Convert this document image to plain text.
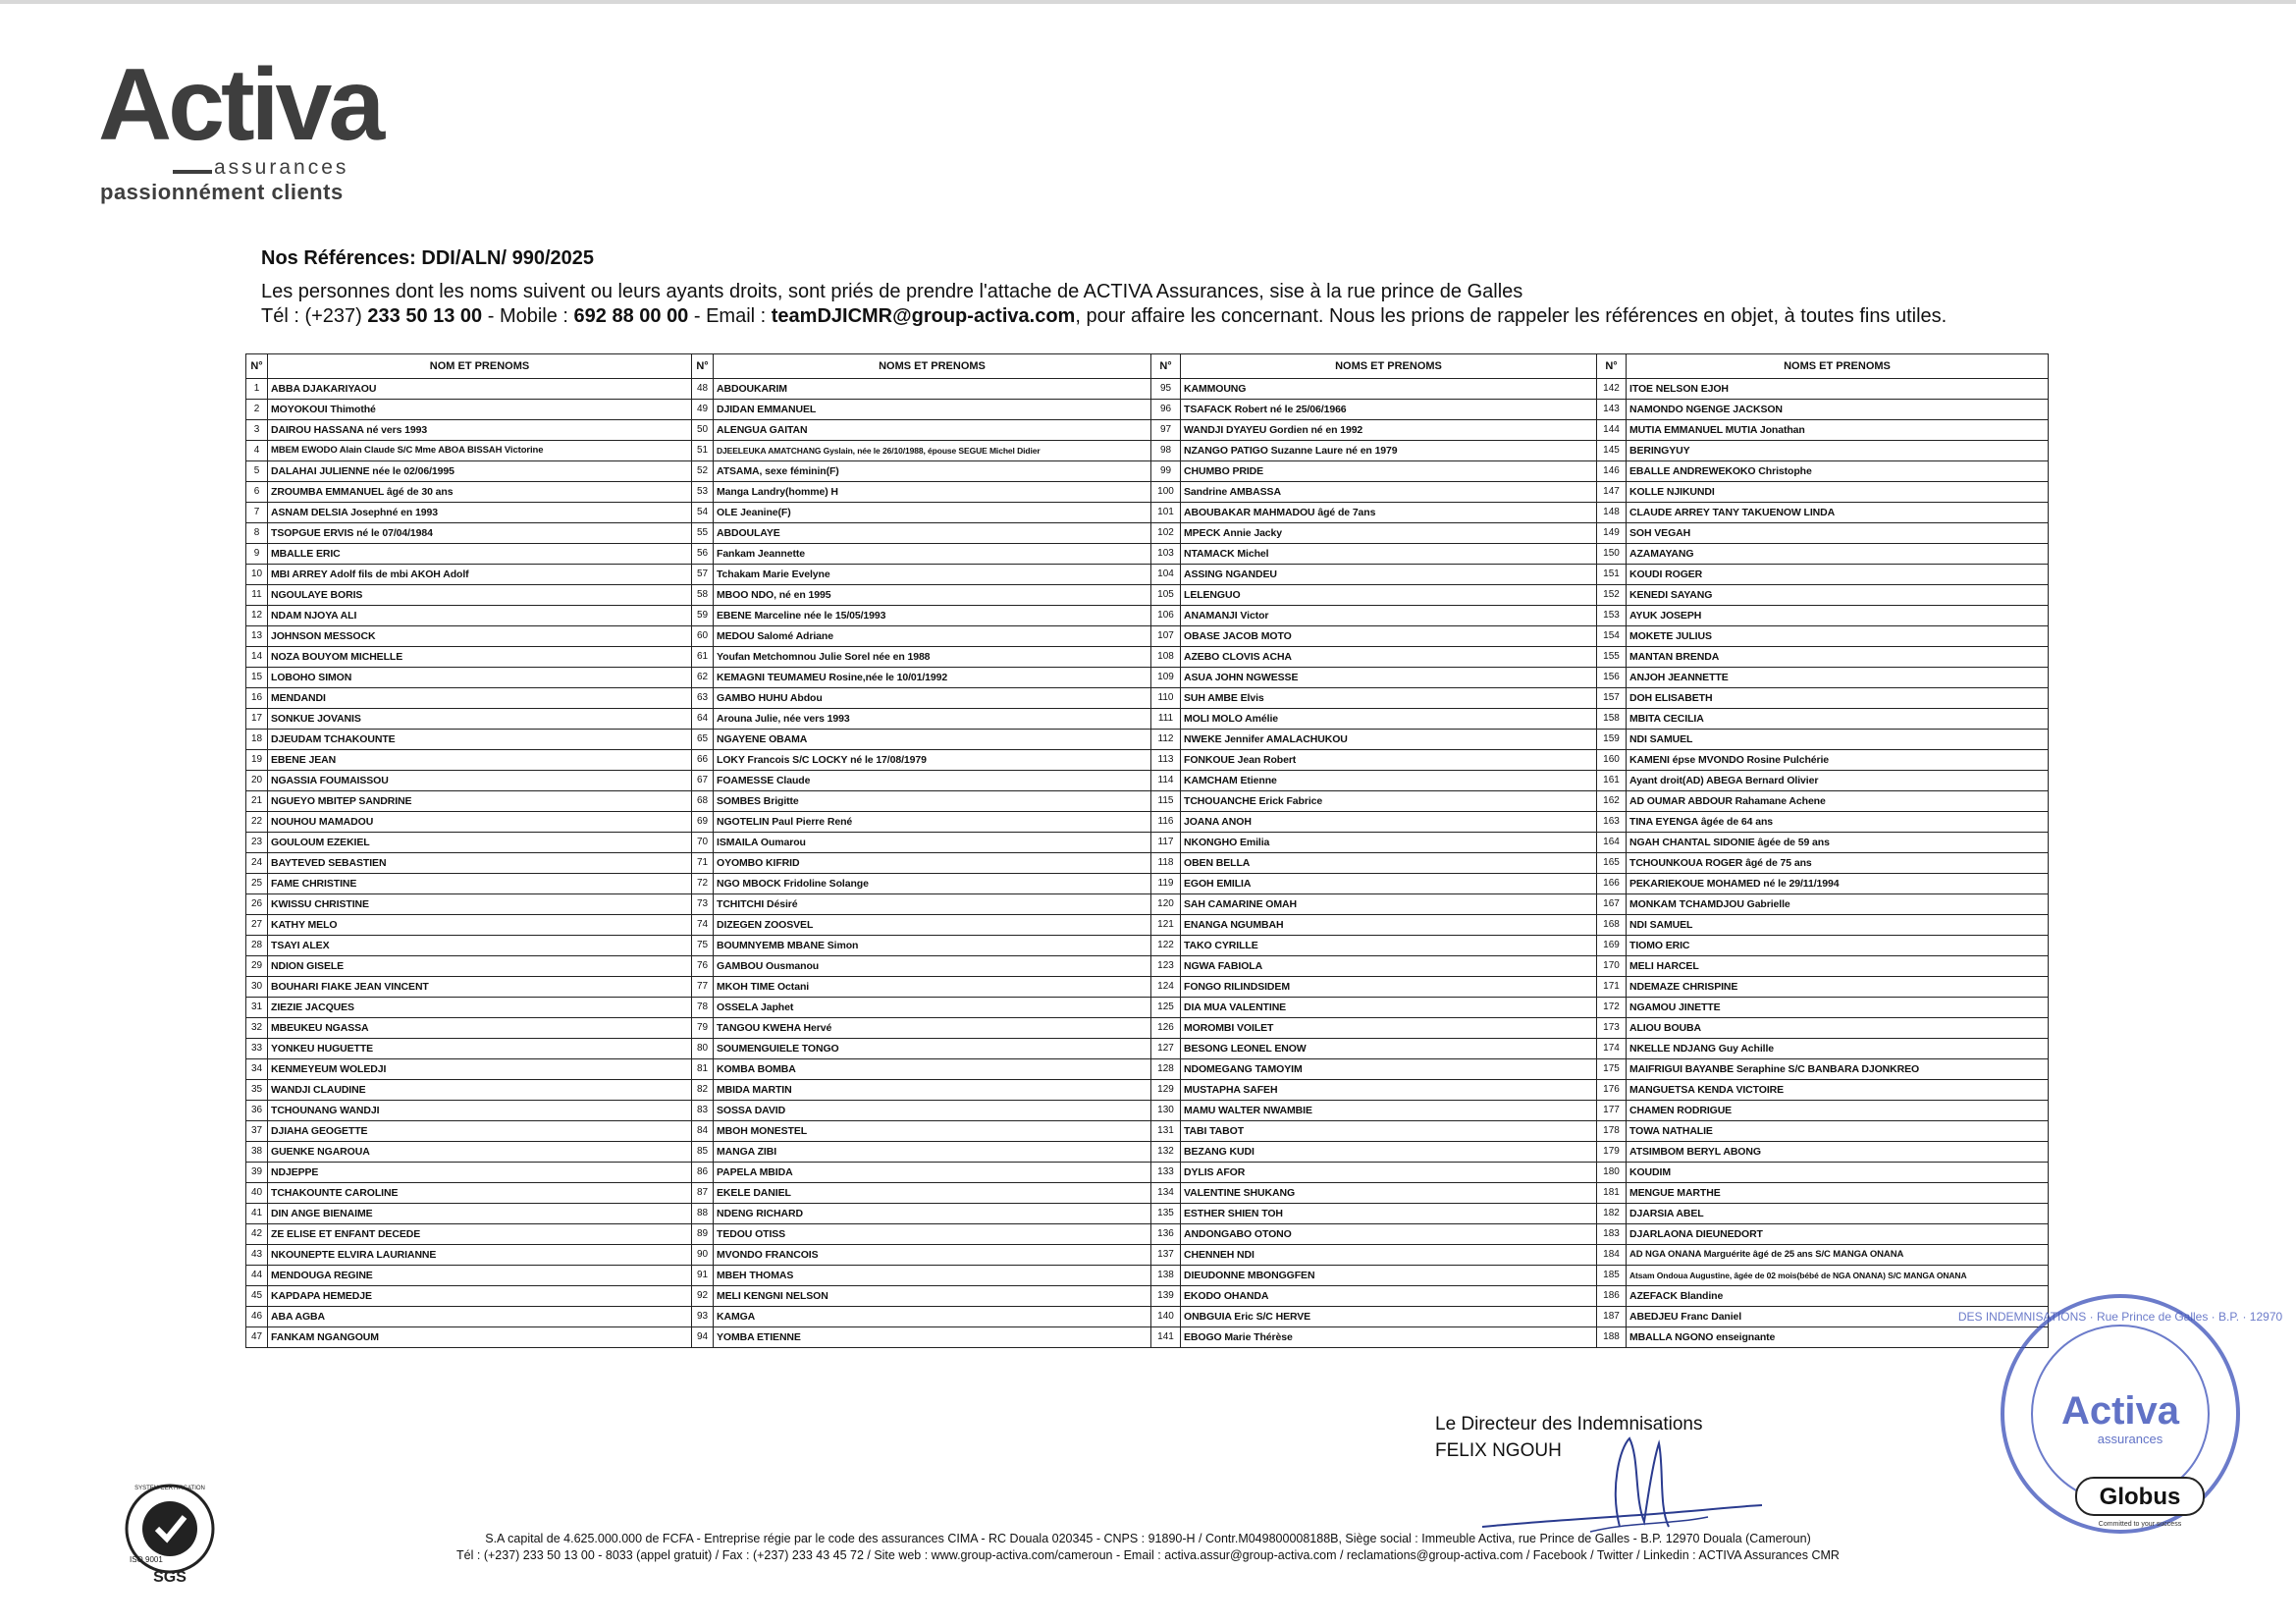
Activa
assurances
passionnément clients
Nos Références: DDI/ALN/ 990/2025
Les personnes dont les noms suivent ou leurs ayants droits, sont priés de prendre l'attache de ACTIVA Assurances, sise à la rue prince de Galles
Tél : (+237) 233 50 13 00 - Mobile : 692 88 00 00 - Email : teamDJICMR@group-activa.com, pour affaire les concernant. Nous les prions de rappeler les références en objet, à toutes fins utiles.
N°	NOM ET PRENOMS	N°	NOMS ET PRENOMS	N°	NOMS ET PRENOMS	N°	NOMS ET PRENOMS
1	ABBA DJAKARIYAOU	48	ABDOUKARIM	95	KAMMOUNG	142	ITOE NELSON EJOH
2	MOYOKOUI Thimothé	49	DJIDAN EMMANUEL	96	TSAFACK Robert né le 25/06/1966	143	NAMONDO NGENGE JACKSON
3	DAIROU HASSANA né vers 1993	50	ALENGUA GAITAN	97	WANDJI DYAYEU Gordien né en 1992	144	MUTIA EMMANUEL MUTIA Jonathan
4	MBEM EWODO Alain Claude S/C Mme ABOA BISSAH Victorine	51	DJEELEUKA AMATCHANG Gyslain, née le 26/10/1988, épouse SEGUE Michel Didier	98	NZANGO PATIGO Suzanne Laure né en 1979	145	BERINGYUY
5	DALAHAI JULIENNE née le 02/06/1995	52	ATSAMA, sexe féminin(F)	99	CHUMBO PRIDE	146	EBALLE ANDREWEKOKO Christophe
6	ZROUMBA EMMANUEL âgé de 30 ans	53	Manga Landry(homme) H	100	Sandrine AMBASSA	147	KOLLE NJIKUNDI
7	ASNAM DELSIA Josephné en 1993	54	OLE Jeanine(F)	101	ABOUBAKAR MAHMADOU âgé de 7ans	148	CLAUDE ARREY TANY TAKUENOW LINDA
8	TSOPGUE ERVIS né le 07/04/1984	55	ABDOULAYE	102	MPECK Annie Jacky	149	SOH VEGAH
9	MBALLE ERIC	56	Fankam Jeannette	103	NTAMACK Michel	150	AZAMAYANG
10	MBI ARREY Adolf fils de mbi AKOH Adolf	57	Tchakam Marie Evelyne	104	ASSING NGANDEU	151	KOUDI ROGER
11	NGOULAYE BORIS	58	MBOO NDO, né en 1995	105	LELENGUO	152	KENEDI SAYANG
12	NDAM NJOYA ALI	59	EBENE Marceline née le 15/05/1993	106	ANAMANJI Victor	153	AYUK JOSEPH
13	JOHNSON MESSOCK	60	MEDOU Salomé Adriane	107	OBASE JACOB MOTO	154	MOKETE JULIUS
14	NOZA BOUYOM MICHELLE	61	Youfan Metchomnou Julie Sorel née en 1988	108	AZEBO CLOVIS ACHA	155	MANTAN BRENDA
15	LOBOHO SIMON	62	KEMAGNI TEUMAMEU Rosine,née le 10/01/1992	109	ASUA JOHN NGWESSE	156	ANJOH JEANNETTE
16	MENDANDI	63	GAMBO HUHU Abdou	110	SUH AMBE Elvis	157	DOH ELISABETH
17	SONKUE JOVANIS	64	Arouna Julie, née vers 1993	111	MOLI MOLO Amélie	158	MBITA CECILIA
18	DJEUDAM TCHAKOUNTE	65	NGAYENE OBAMA	112	NWEKE Jennifer AMALACHUKOU	159	NDI SAMUEL
19	EBENE JEAN	66	LOKY Francois S/C LOCKY né le 17/08/1979	113	FONKOUE Jean Robert	160	KAMENI épse MVONDO Rosine Pulchérie
20	NGASSIA FOUMAISSOU	67	FOAMESSE Claude	114	KAMCHAM Etienne	161	Ayant droit(AD) ABEGA Bernard Olivier
21	NGUEYO MBITEP SANDRINE	68	SOMBES Brigitte	115	TCHOUANCHE Erick Fabrice	162	AD OUMAR ABDOUR Rahamane Achene
22	NOUHOU MAMADOU	69	NGOTELIN Paul Pierre René	116	JOANA ANOH	163	TINA EYENGA âgée de 64 ans
23	GOULOUM EZEKIEL	70	ISMAILA Oumarou	117	NKONGHO Emilia	164	NGAH CHANTAL SIDONIE âgée de 59 ans
24	BAYTEVED SEBASTIEN	71	OYOMBO KIFRID	118	OBEN BELLA	165	TCHOUNKOUA ROGER âgé de 75 ans
25	FAME CHRISTINE	72	NGO MBOCK Fridoline Solange	119	EGOH EMILIA	166	PEKARIEKOUE MOHAMED né le 29/11/1994
26	KWISSU CHRISTINE	73	TCHITCHI Désiré	120	SAH CAMARINE OMAH	167	MONKAM TCHAMDJOU Gabrielle
27	KATHY MELO	74	DIZEGEN ZOOSVEL	121	ENANGA NGUMBAH	168	NDI SAMUEL
28	TSAYI ALEX	75	BOUMNYEMB MBANE Simon	122	TAKO CYRILLE	169	TIOMO ERIC
29	NDION GISELE	76	GAMBOU Ousmanou	123	NGWA FABIOLA	170	MELI HARCEL
30	BOUHARI FIAKE JEAN VINCENT	77	MKOH TIME Octani	124	FONGO RILINDSIDEM	171	NDEMAZE CHRISPINE
31	ZIEZIE JACQUES	78	OSSELA Japhet	125	DIA MUA VALENTINE	172	NGAMOU JINETTE
32	MBEUKEU NGASSA	79	TANGOU KWEHA Hervé	126	MOROMBI VOILET	173	ALIOU BOUBA
33	YONKEU HUGUETTE	80	SOUMENGUIELE TONGO	127	BESONG LEONEL ENOW	174	NKELLE NDJANG Guy Achille
34	KENMEYEUM WOLEDJI	81	KOMBA BOMBA	128	NDOMEGANG TAMOYIM	175	MAIFRIGUI BAYANBE Seraphine S/C BANBARA DJONKREO
35	WANDJI CLAUDINE	82	MBIDA MARTIN	129	MUSTAPHA SAFEH	176	MANGUETSA KENDA VICTOIRE
36	TCHOUNANG WANDJI	83	SOSSA DAVID	130	MAMU WALTER NWAMBIE	177	CHAMEN RODRIGUE
37	DJIAHA GEOGETTE	84	MBOH MONESTEL	131	TABI TABOT	178	TOWA NATHALIE
38	GUENKE NGAROUA	85	MANGA ZIBI	132	BEZANG KUDI	179	ATSIMBOM BERYL ABONG
39	NDJEPPE	86	PAPELA MBIDA	133	DYLIS AFOR	180	KOUDIM
40	TCHAKOUNTE CAROLINE	87	EKELE DANIEL	134	VALENTINE SHUKANG	181	MENGUE MARTHE
41	DIN ANGE BIENAIME	88	NDENG RICHARD	135	ESTHER SHIEN TOH	182	DJARSIA ABEL
42	ZE ELISE ET ENFANT DECEDE	89	TEDOU OTISS	136	ANDONGABO OTONO	183	DJARLAONA DIEUNEDORT
43	NKOUNEPTE ELVIRA LAURIANNE	90	MVONDO FRANCOIS	137	CHENNEH NDI	184	AD NGA ONANA Marguérite âgé de 25 ans S/C MANGA ONANA
44	MENDOUGA REGINE	91	MBEH THOMAS	138	DIEUDONNE MBONGGFEN	185	Atsam Ondoua Augustine, âgée de 02 mois(bébé de NGA ONANA) S/C MANGA ONANA
45	KAPDAPA HEMEDJE	92	MELI KENGNI NELSON	139	EKODO OHANDA	186	AZEFACK Blandine
46	ABA AGBA	93	KAMGA	140	ONBGUIA Eric S/C HERVE	187	ABEDJEU Franc Daniel
47	FANKAM NGANGOUM	94	YOMBA ETIENNE	141	EBOGO Marie Thérèse	188	MBALLA NGONO enseignante
Le Directeur des Indemnisations
FELIX NGOUH
Activa
assurances
DES INDEMNISATIONS · Rue Prince de Galles · B.P. · 12970
Globus
Committed to your success
SGS
ISO 9001
SYSTEM CERTIFICATION
S.A capital de 4.625.000.000 de FCFA - Entreprise régie par le code des assurances CIMA - RC Douala 020345 - CNPS : 91890-H / Contr.M049800008188B, Siège social : Immeuble Activa, rue Prince de Galles - B.P. 12970 Douala (Cameroun)
Tél : (+237) 233 50 13 00 - 8033 (appel gratuit) / Fax : (+237) 233 43 45 72 / Site web : www.group-activa.com/cameroun - Email : activa.assur@group-activa.com / reclamations@group-activa.com / Facebook / Twitter / Linkedin : ACTIVA Assurances CMR
